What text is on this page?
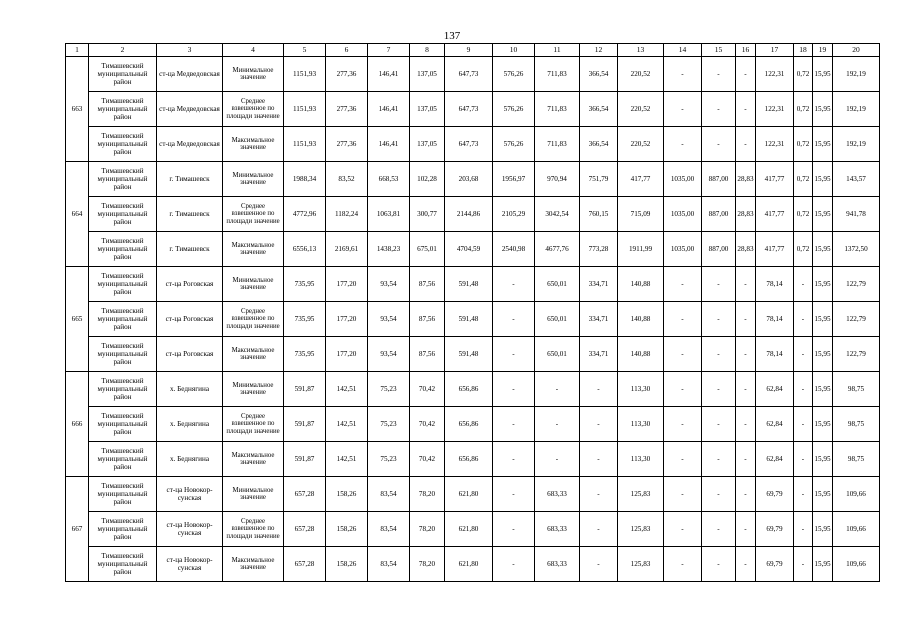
137
1	2	3	4	5	6	7	8	9	10	11	12	13	14	15	16	17	18	19	20
663	Тимашевский муниципальный район	ст-ца Медведовская	Минимальное значение	1151,93	277,36	146,41	137,05	647,73	576,26	711,83	366,54	220,52	-	-	-	122,31	0,72	15,95	192,19
	Тимашевский муниципальный район	ст-ца Медведовская	Среднее взвешенное по площади значение	1151,93	277,36	146,41	137,05	647,73	576,26	711,83	366,54	220,52	-	-	-	122,31	0,72	15,95	192,19
	Тимашевский муниципальный район	ст-ца Медведовская	Максимальное значение	1151,93	277,36	146,41	137,05	647,73	576,26	711,83	366,54	220,52	-	-	-	122,31	0,72	15,95	192,19
664	Тимашевский муниципальный район	г. Тимашевск	Минимальное значение	1988,34	83,52	668,53	102,28	203,68	1956,97	970,94	751,79	417,77	1035,00	887,00	28,83	417,77	0,72	15,95	143,57
	Тимашевский муниципальный район	г. Тимашевск	Среднее взвешенное по площади значение	4772,96	1182,24	1063,81	300,77	2144,86	2105,29	3042,54	760,15	715,09	1035,00	887,00	28,83	417,77	0,72	15,95	941,78
	Тимашевский муниципальный район	г. Тимашевск	Максимальное значение	6556,13	2169,61	1438,23	675,01	4704,59	2540,98	4677,76	773,28	1911,99	1035,00	887,00	28,83	417,77	0,72	15,95	1372,50
665	Тимашевский муниципальный район	ст-ца Роговская	Минимальное значение	735,95	177,20	93,54	87,56	591,48	-	650,01	334,71	140,88	-	-	-	78,14	-	15,95	122,79
	Тимашевский муниципальный район	ст-ца Роговская	Среднее взвешенное по площади значение	735,95	177,20	93,54	87,56	591,48	-	650,01	334,71	140,88	-	-	-	78,14	-	15,95	122,79
	Тимашевский муниципальный район	ст-ца Роговская	Максимальное значение	735,95	177,20	93,54	87,56	591,48	-	650,01	334,71	140,88	-	-	-	78,14	-	15,95	122,79
666	Тимашевский муниципальный район	х. Беднягина	Минимальное значение	591,87	142,51	75,23	70,42	656,86	-	-	-	113,30	-	-	-	62,84	-	15,95	98,75
	Тимашевский муниципальный район	х. Беднягина	Среднее взвешенное по площади значение	591,87	142,51	75,23	70,42	656,86	-	-	-	113,30	-	-	-	62,84	-	15,95	98,75
	Тимашевский муниципальный район	х. Беднягина	Максимальное значение	591,87	142,51	75,23	70,42	656,86	-	-	-	113,30	-	-	-	62,84	-	15,95	98,75
667	Тимашевский муниципальный район	ст-ца Новокор-сунская	Минимальное значение	657,28	158,26	83,54	78,20	621,80	-	683,33	-	125,83	-	-	-	69,79	-	15,95	109,66
	Тимашевский муниципальный район	ст-ца Новокор-сунская	Среднее взвешенное по площади значение	657,28	158,26	83,54	78,20	621,80	-	683,33	-	125,83	-	-	-	69,79	-	15,95	109,66
	Тимашевский муниципальный район	ст-ца Новокор-сунская	Максимальное значение	657,28	158,26	83,54	78,20	621,80	-	683,33	-	125,83	-	-	-	69,79	-	15,95	109,66
